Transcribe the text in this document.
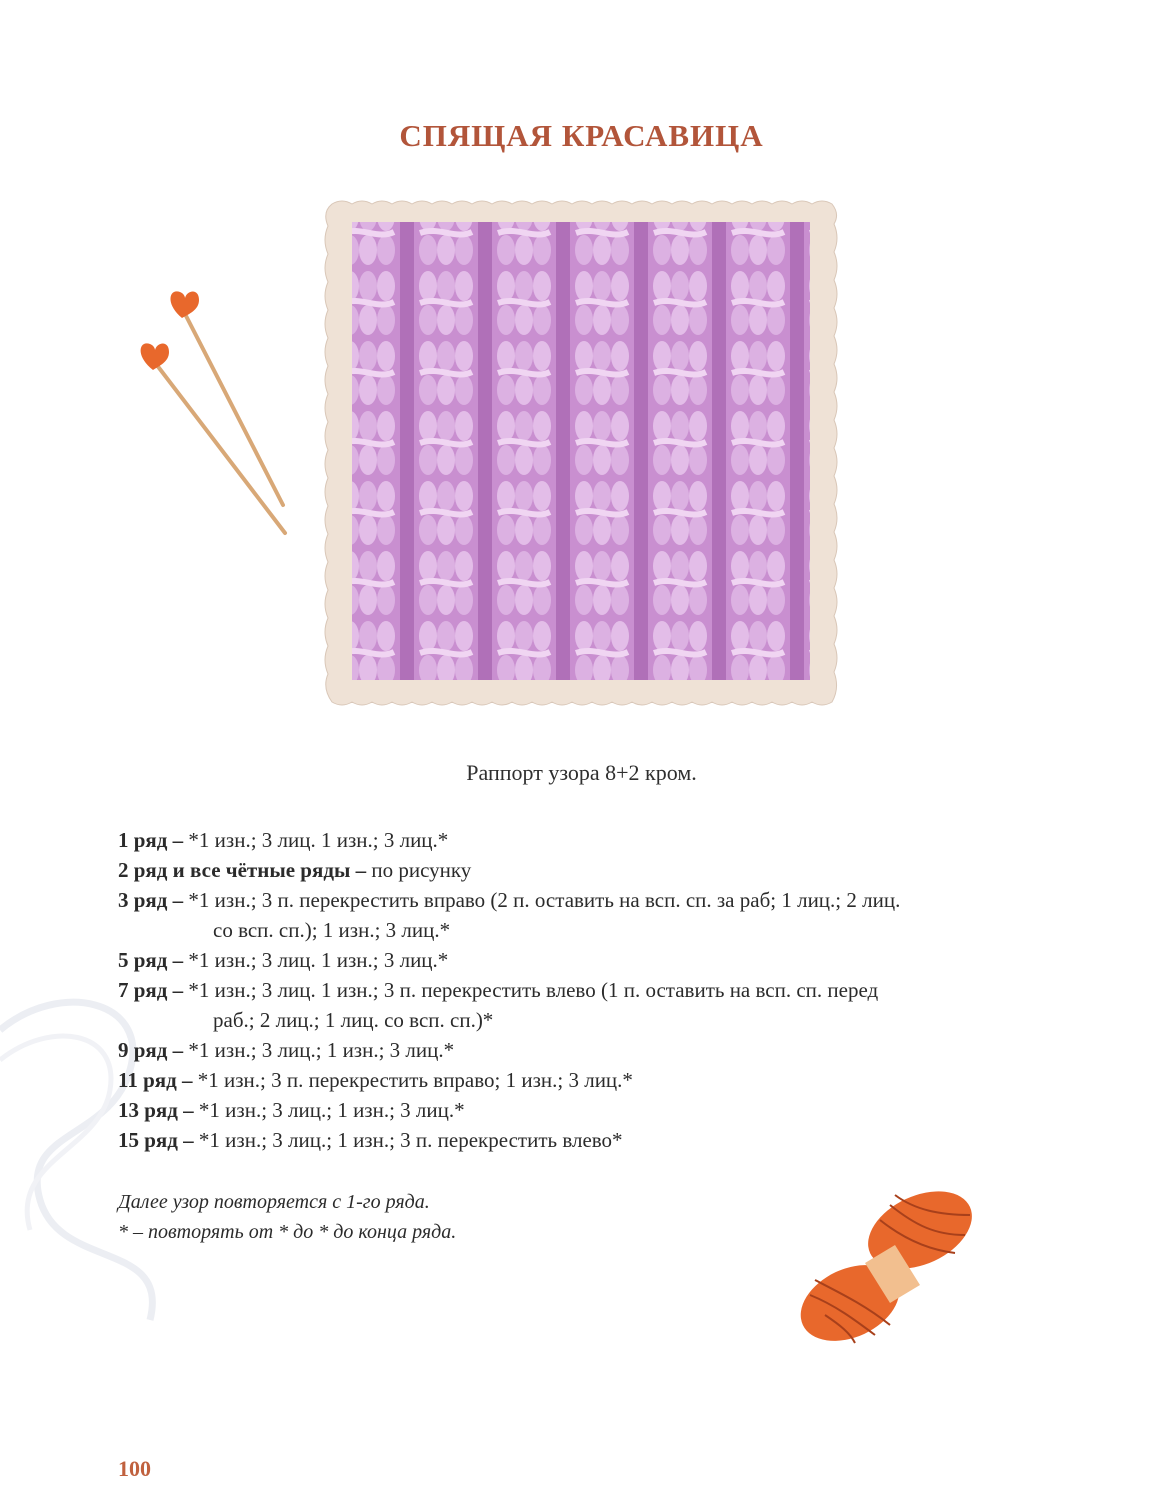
СПЯЩАЯ КРАСАВИЦА
Раппорт узора 8+2 кром.
1 ряд – *1 изн.; 3 лиц. 1 изн.; 3 лиц.*
2 ряд и все чётные ряды – по рисунку
3 ряд – *1 изн.; 3 п. перекрестить вправо (2 п. оставить на всп. сп. за раб; 1 лиц.; 2 лиц.
со всп. сп.); 1 изн.; 3 лиц.*
5 ряд – *1 изн.; 3 лиц. 1 изн.; 3 лиц.*
7 ряд – *1 изн.; 3 лиц. 1 изн.; 3 п. перекрестить влево (1 п. оставить на всп. сп. перед
раб.; 2 лиц.; 1 лиц. со всп. сп.)*
9 ряд – *1 изн.; 3 лиц.; 1 изн.; 3 лиц.*
11 ряд – *1 изн.; 3 п. перекрестить вправо; 1 изн.; 3 лиц.*
13 ряд – *1 изн.; 3 лиц.; 1 изн.; 3 лиц.*
15 ряд – *1 изн.; 3 лиц.; 1 изн.; 3 п. перекрестить влево*
Далее узор повторяется с 1-го ряда.
* – повторять от * до * до конца ряда.
100
